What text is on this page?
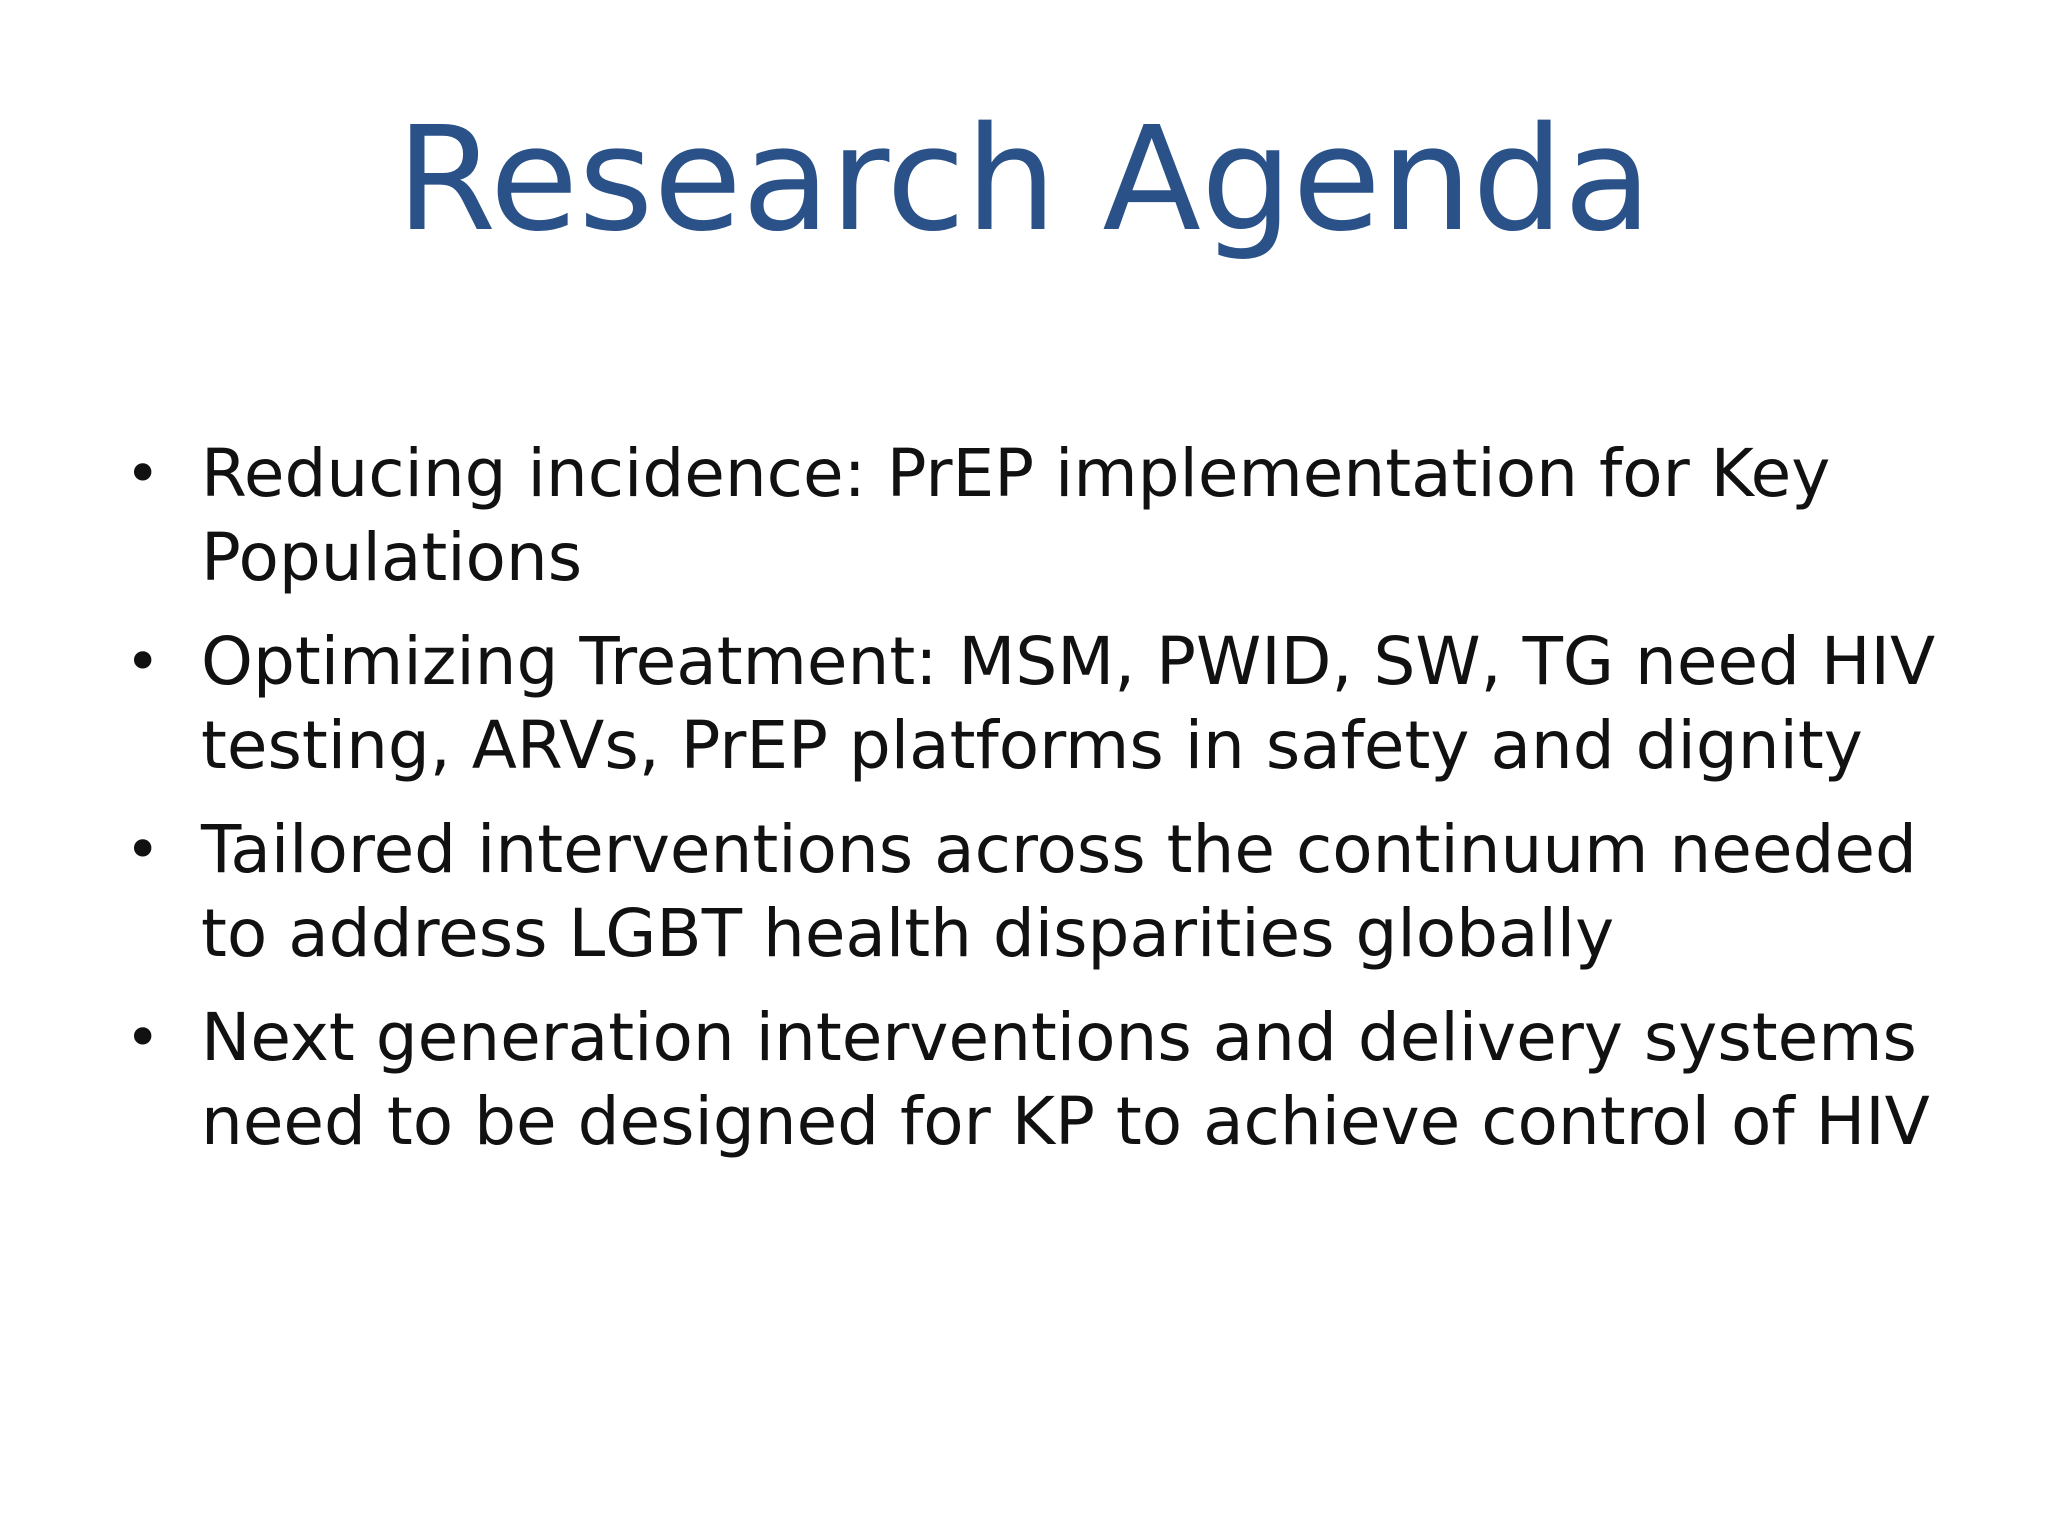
Research Agenda
• Reducing incidence: PrEP implementation for Key Populations
• Optimizing Treatment: MSM, PWID, SW, TG need HIV testing, ARVs, PrEP platforms in safety and dignity
• Tailored interventions across the continuum needed to address LGBT health disparities globally
• Next generation interventions and delivery systems need to be designed for KP to achieve control of HIV
